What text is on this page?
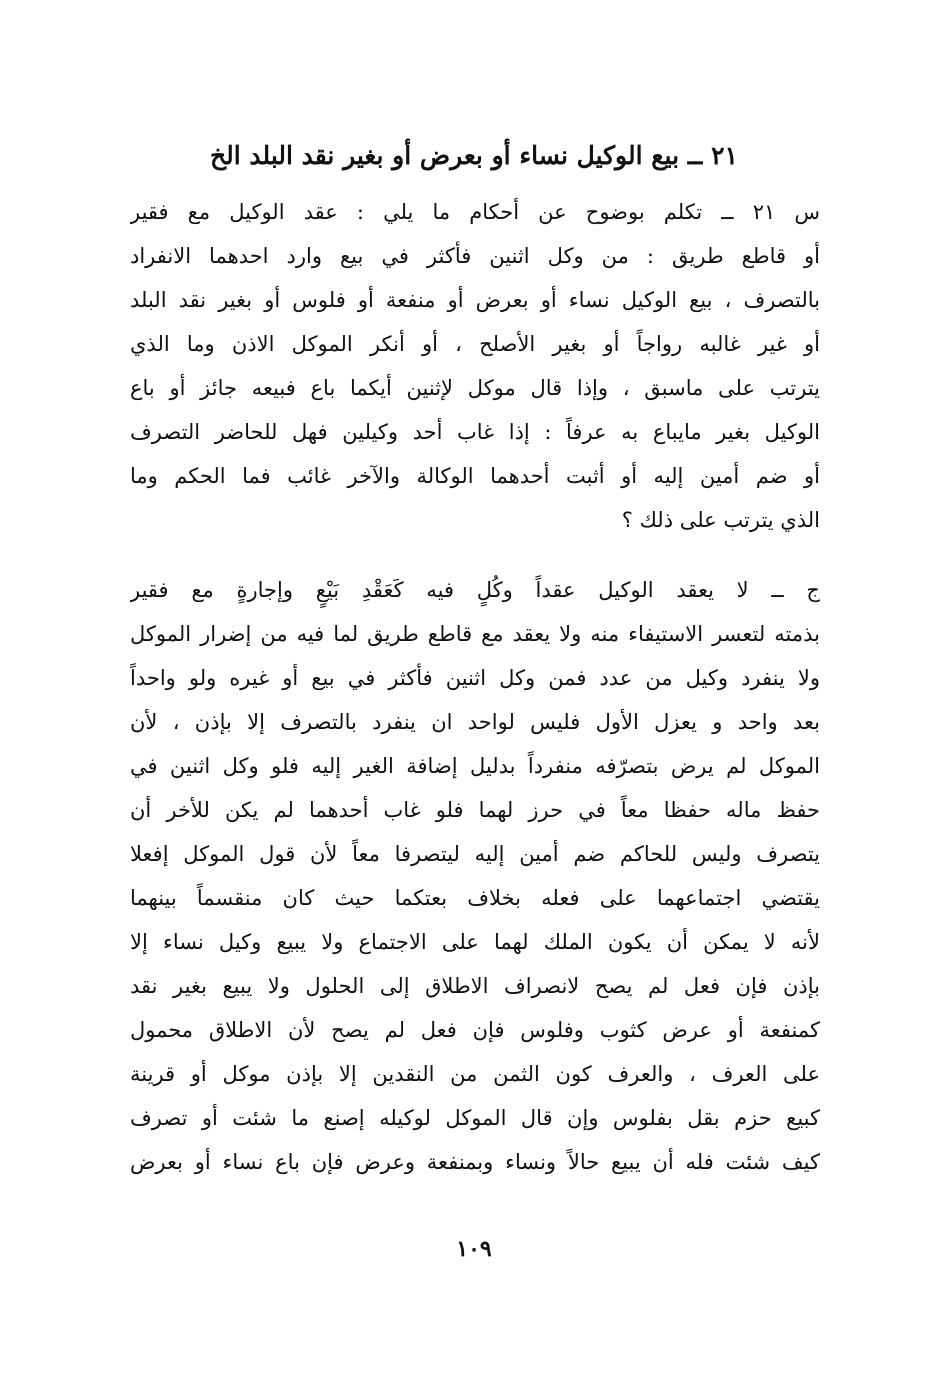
٢١ ــ بيع الوكيل نساء أو بعرض أو بغير نقد البلد الخ
س ٢١ ــ تكلم بوضوح عن أحكام ما يلي : عقد الوكيل مع فقير
أو قاطع طريق : من وكل اثنين فأكثر في بيع وارد احدهما الانفراد
بالتصرف ، بيع الوكيل نساء أو بعرض أو منفعة أو فلوس أو بغير نقد البلد
أو غير غالبه رواجاً أو بغير الأصلح ، أو أنكر الموكل الاذن وما الذي
يترتب على ماسبق ، وإذا قال موكل لإثنين أيكما باع فبيعه جائز أو باع
الوكيل بغير مايباع به عرفاً : إذا غاب أحد وكيلين فهل للحاضر التصرف
أو ضم أمين إليه أو أثبت أحدهما الوكالة والآخر غائب فما الحكم وما
الذي يترتب على ذلك ؟
ج ــ لا يعقد الوكيل عقداً وكُلٍ فيه كَعَقْدِ بَيْعٍ وإجارةٍ مع فقير
بذمته لتعسر الاستيفاء منه ولا يعقد مع قاطع طريق لما فيه من إضرار الموكل
ولا ينفرد وكيل من عدد فمن وكل اثنين فأكثر في بيع أو غيره ولو واحداً
بعد واحد و يعزل الأول فليس لواحد ان ينفرد بالتصرف إلا بإذن ، لأن
الموكل لم يرض بتصرّفه منفرداً بدليل إضافة الغير إليه فلو وكل اثنين في
حفظ ماله حفظا معاً في حرز لهما فلو غاب أحدهما لم يكن للأخر أن
يتصرف وليس للحاكم ضم أمين إليه ليتصرفا معاً لأن قول الموكل إفعلا
يقتضي اجتماعهما على فعله بخلاف بعتكما حيث كان منقسماً بينهما
لأنه لا يمكن أن يكون الملك لهما على الاجتماع ولا يبيع وكيل نساء إلا
بإذن فإن فعل لم يصح لانصراف الاطلاق إلى الحلول ولا يبيع بغير نقد
كمنفعة أو عرض كثوب وفلوس فإن فعل لم يصح لأن الاطلاق محمول
على العرف ، والعرف كون الثمن من النقدين إلا بإذن موكل أو قرينة
كبيع حزم بقل بفلوس وإن قال الموكل لوكيله إصنع ما شئت أو تصرف
كيف شئت فله أن يبيع حالاً ونساء وبمنفعة وعرض فإن باع نساء أو بعرض
١٠٩
